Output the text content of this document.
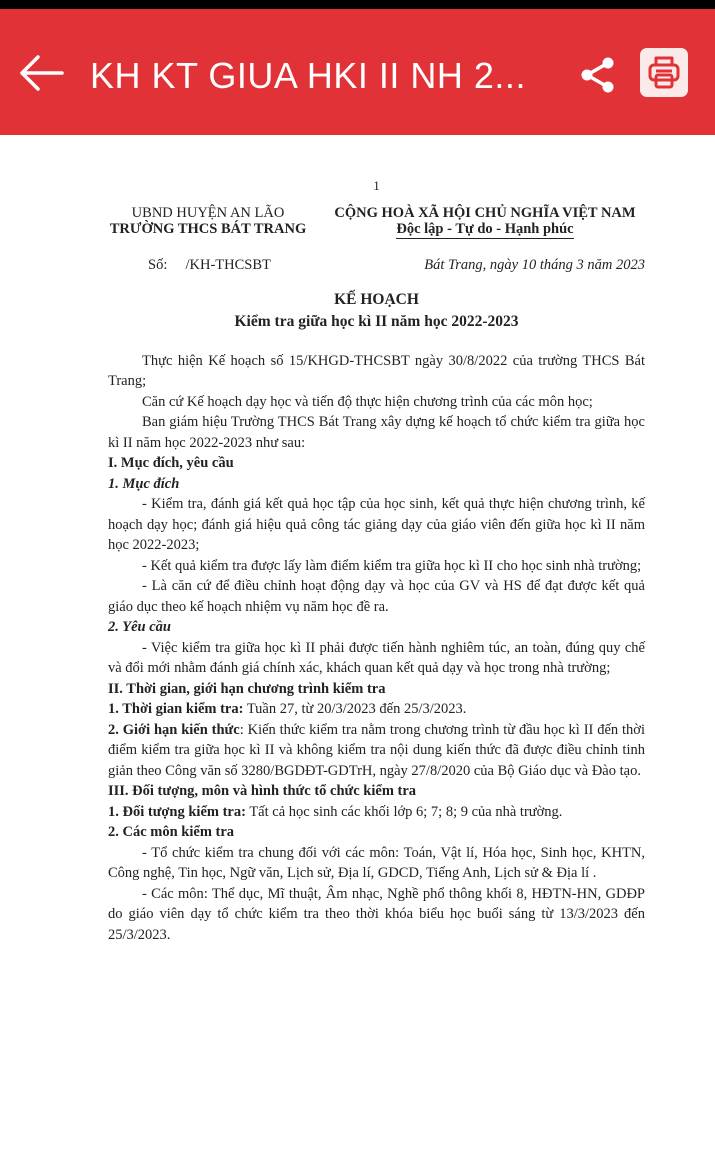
KH KT GIUA HKI II NH 2...
1
UBND HUYỆN AN LÃO
TRƯỜNG THCS BÁT TRANG
CỘNG HOÀ XÃ HỘI CHỦ NGHĨA VIỆT NAM
Độc lập - Tự do - Hạnh phúc
Số: /KH-THCSBT	Bát Trang, ngày 10 tháng 3 năm 2023
KẾ HOẠCH
Kiểm tra giữa học kì II năm học 2022-2023

Thực hiện Kế hoạch số 15/KHGD-THCSBT ngày 30/8/2022 của trường THCS Bát Trang;

Căn cứ Kế hoạch dạy học và tiến độ thực hiện chương trình của các môn học;

Ban giám hiệu Trường THCS Bát Trang xây dựng kế hoạch tổ chức kiểm tra giữa học kì II năm học 2022-2023 như sau:

I. Mục đích, yêu cầu

1. Mục đích

- Kiểm tra, đánh giá kết quả học tập của học sinh, kết quả thực hiện chương trình, kế hoạch dạy học; đánh giá hiệu quả công tác giảng dạy của giáo viên đến giữa học kì II năm học 2022-2023;

- Kết quả kiểm tra được lấy làm điểm kiểm tra giữa học kì II cho học sinh nhà trường;

- Là căn cứ để điều chỉnh hoạt động dạy và học của GV và HS để đạt được kết quả giáo dục theo kế hoạch nhiệm vụ năm học đề ra.

2. Yêu cầu

- Việc kiểm tra giữa học kì II phải được tiến hành nghiêm túc, an toàn, đúng quy chế và đổi mới nhằm đánh giá chính xác, khách quan kết quả dạy và học trong nhà trường;

II. Thời gian, giới hạn chương trình kiểm tra

1. Thời gian kiểm tra: Tuần 27, từ 20/3/2023 đến 25/3/2023.

2. Giới hạn kiến thức: Kiến thức kiểm tra nằm trong chương trình từ đầu học kì II đến thời điểm kiểm tra giữa học kì II và không kiểm tra nội dung kiến thức đã được điều chỉnh tinh giản theo Công văn số 3280/BGDĐT-GDTrH, ngày 27/8/2020 của Bộ Giáo dục và Đào tạo.

III. Đối tượng, môn và hình thức tổ chức kiểm tra

1. Đối tượng kiểm tra: Tất cả học sinh các khối lớp 6; 7; 8; 9 của nhà trường.

2. Các môn kiểm tra

- Tổ chức kiểm tra chung đối với các môn: Toán, Vật lí, Hóa học, Sinh học, KHTN, Công nghệ, Tin học, Ngữ văn, Lịch sử, Địa lí, GDCD, Tiếng Anh, Lịch sử & Địa lí .

- Các môn: Thể dục, Mĩ thuật, Âm nhạc, Nghề phổ thông khối 8, HĐTN-HN, GDĐP do giáo viên dạy tổ chức kiểm tra theo thời khóa biểu học buổi sáng từ 13/3/2023 đến 25/3/2023.
